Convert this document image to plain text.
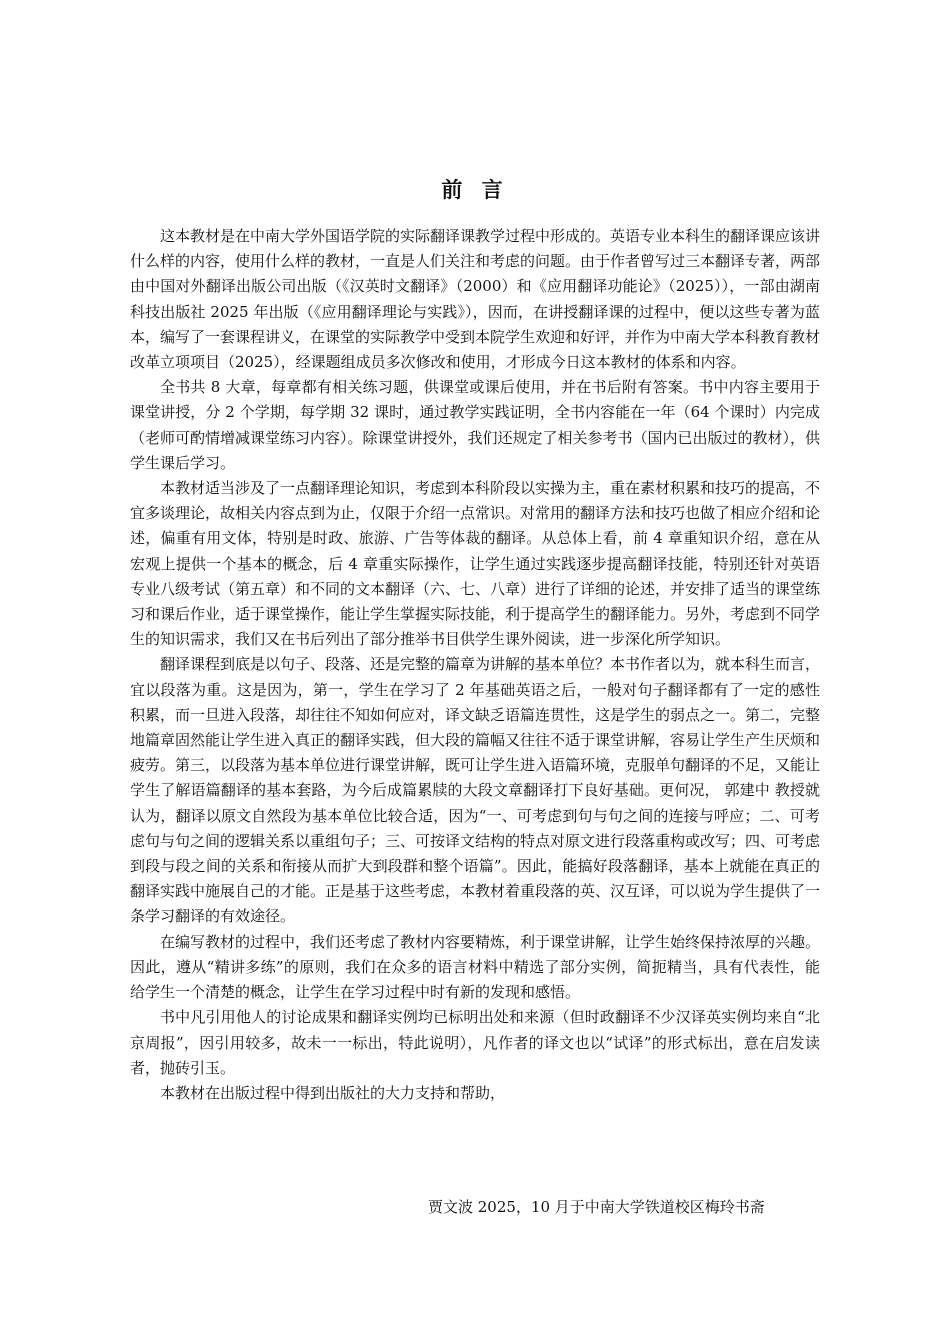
前 言

这本教材是在中南大学外国语学院的实际翻译课教学过程中形成的。英语专业本科生的翻译课应该讲什么样的内容，使用什么样的教材，一直是人们关注和考虑的问题。由于作者曾写过三本翻译专著，两部由中国对外翻译出版公司出版（《汉英时文翻译》（2000）和《应用翻译功能论》（2025）），一部由湖南科技出版社 2025 年出版（《应用翻译理论与实践》），因而，在讲授翻译课的过程中，便以这些专著为蓝本，编写了一套课程讲义，在课堂的实际教学中受到本院学生欢迎和好评，并作为中南大学本科教育教材改革立项项目（2025），经课题组成员多次修改和使用，才形成今日这本教材的体系和内容。

全书共 8 大章，每章都有相关练习题，供课堂或课后使用，并在书后附有答案。书中内容主要用于课堂讲授，分 2 个学期，每学期 32 课时，通过教学实践证明，全书内容能在一年（64 个课时）内完成（老师可酌情增减课堂练习内容）。除课堂讲授外，我们还规定了相关参考书（国内已出版过的教材），供学生课后学习。

本教材适当涉及了一点翻译理论知识，考虑到本科阶段以实操为主，重在素材积累和技巧的提高，不宜多谈理论，故相关内容点到为止，仅限于介绍一点常识。对常用的翻译方法和技巧也做了相应介绍和论述，偏重有用文体，特别是时政、旅游、广告等体裁的翻译。从总体上看，前 4 章重知识介绍，意在从宏观上提供一个基本的概念，后 4 章重实际操作，让学生通过实践逐步提高翻译技能，特别还针对英语专业八级考试（第五章）和不同的文本翻译（六、七、八章）进行了详细的论述，并安排了适当的课堂练习和课后作业，适于课堂操作，能让学生掌握实际技能，利于提高学生的翻译能力。另外，考虑到不同学生的知识需求，我们又在书后列出了部分推举书目供学生课外阅读，进一步深化所学知识。

翻译课程到底是以句子、段落、还是完整的篇章为讲解的基本单位？本书作者以为，就本科生而言，宜以段落为重。这是因为，第一，学生在学习了 2 年基础英语之后，一般对句子翻译都有了一定的感性积累，而一旦进入段落，却往往不知如何应对，译文缺乏语篇连贯性，这是学生的弱点之一。第二，完整地篇章固然能让学生进入真正的翻译实践，但大段的篇幅又往往不适于课堂讲解，容易让学生产生厌烦和疲劳。第三，以段落为基本单位进行课堂讲解，既可让学生进入语篇环境，克服单句翻译的不足，又能让学生了解语篇翻译的基本套路，为今后成篇累牍的大段文章翻译打下良好基础。更何况， 郭建中 教授就认为，翻译以原文自然段为基本单位比较合适，因为“一、可考虑到句与句之间的连接与呼应；二、可考虑句与句之间的逻辑关系以重组句子；三、可按译文结构的特点对原文进行段落重构或改写；四、可考虑到段与段之间的关系和衔接从而扩大到段群和整个语篇”。因此，能搞好段落翻译，基本上就能在真正的翻译实践中施展自己的才能。正是基于这些考虑，本教材着重段落的英、汉互译，可以说为学生提供了一条学习翻译的有效途径。

在编写教材的过程中，我们还考虑了教材内容要精炼，利于课堂讲解，让学生始终保持浓厚的兴趣。因此，遵从“精讲多练”的原则，我们在众多的语言材料中精选了部分实例，简扼精当，具有代表性，能给学生一个清楚的概念，让学生在学习过程中时有新的发现和感悟。

书中凡引用他人的讨论成果和翻译实例均已标明出处和来源（但时政翻译不少汉译英实例均来自“北京周报”，因引用较多，故未一一标出，特此说明），凡作者的译文也以“试译”的形式标出，意在启发读者，抛砖引玉。

本教材在出版过程中得到出版社的大力支持和帮助，

贾文波 2025，10 月于中南大学铁道校区梅玲书斋
